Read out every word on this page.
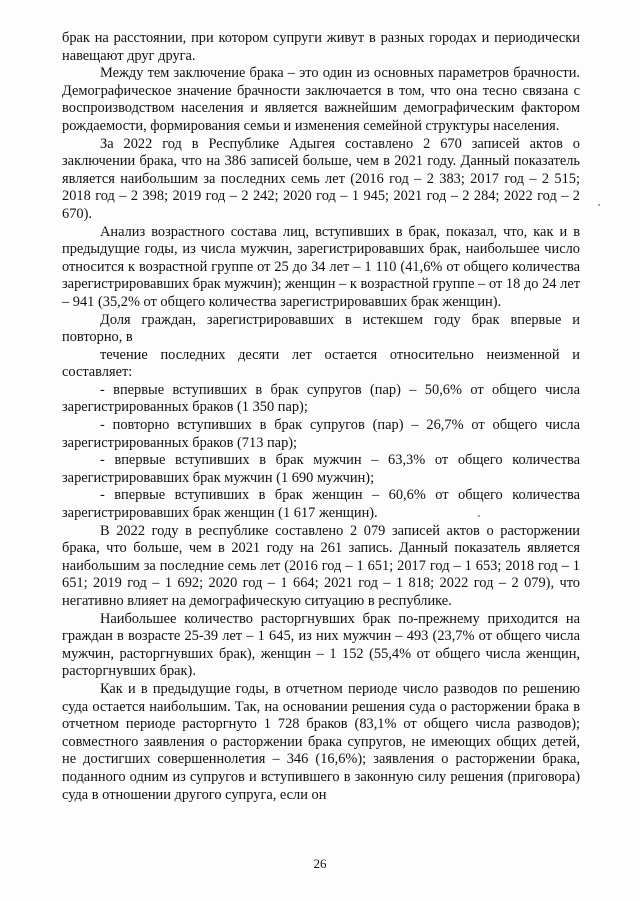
брак на расстоянии, при котором супруги живут в разных городах и периодически навещают друг друга.

Между тем заключение брака – это один из основных параметров брачности. Демографическое значение брачности заключается в том, что она тесно связана с воспроизводством населения и является важнейшим демографическим фактором рождаемости, формирования семьи и изменения семейной структуры населения.

За 2022 год в Республике Адыгея составлено 2 670 записей актов о заключении брака, что на 386 записей больше, чем в 2021 году. Данный показатель является наибольшим за последних семь лет (2016 год – 2 383; 2017 год – 2 515; 2018 год – 2 398; 2019 год – 2 242; 2020 год – 1 945; 2021 год – 2 284; 2022 год – 2 670).

Анализ возрастного состава лиц, вступивших в брак, показал, что, как и в предыдущие годы, из числа мужчин, зарегистрировавших брак, наибольшее число относится к возрастной группе от 25 до 34 лет – 1 110 (41,6% от общего количества зарегистрировавших брак мужчин); женщин – к возрастной группе – от 18 до 24 лет – 941 (35,2% от общего количества зарегистрировавших брак женщин).

Доля граждан, зарегистрировавших в истекшем году брак впервые и повторно, в

течение последних десяти лет остается относительно неизменной и составляет:

- впервые вступивших в брак супругов (пар) – 50,6% от общего числа зарегистрированных браков (1 350 пар);

- повторно вступивших в брак супругов (пар) – 26,7% от общего числа зарегистрированных браков (713 пар);

- впервые вступивших в брак мужчин – 63,3% от общего количества зарегистрировавших брак мужчин (1 690 мужчин);

- впервые вступивших в брак женщин – 60,6% от общего количества зарегистрировавших брак женщин (1 617 женщин).

В 2022 году в республике составлено 2 079 записей актов о расторжении брака, что больше, чем в 2021 году на 261 запись. Данный показатель является наибольшим за последние семь лет (2016 год – 1 651; 2017 год – 1 653; 2018 год – 1 651; 2019 год – 1 692; 2020 год – 1 664; 2021 год – 1 818; 2022 год – 2 079), что негативно влияет на демографическую ситуацию в республике.

Наибольшее количество расторгнувших брак по-прежнему приходится на граждан в возрасте 25-39 лет – 1 645, из них мужчин – 493 (23,7% от общего числа мужчин, расторгнувших брак), женщин – 1 152 (55,4% от общего числа женщин, расторгнувших брак).

Как и в предыдущие годы, в отчетном периоде число разводов по решению суда остается наибольшим. Так, на основании решения суда о расторжении брака в отчетном периоде расторгнуто 1 728 браков (83,1% от общего числа разводов); совместного заявления о расторжении брака супругов, не имеющих общих детей, не достигших совершеннолетия – 346 (16,6%); заявления о расторжении брака, поданного одним из супругов и вступившего в законную силу решения (приговора) суда в отношении другого супруга, если он

26
